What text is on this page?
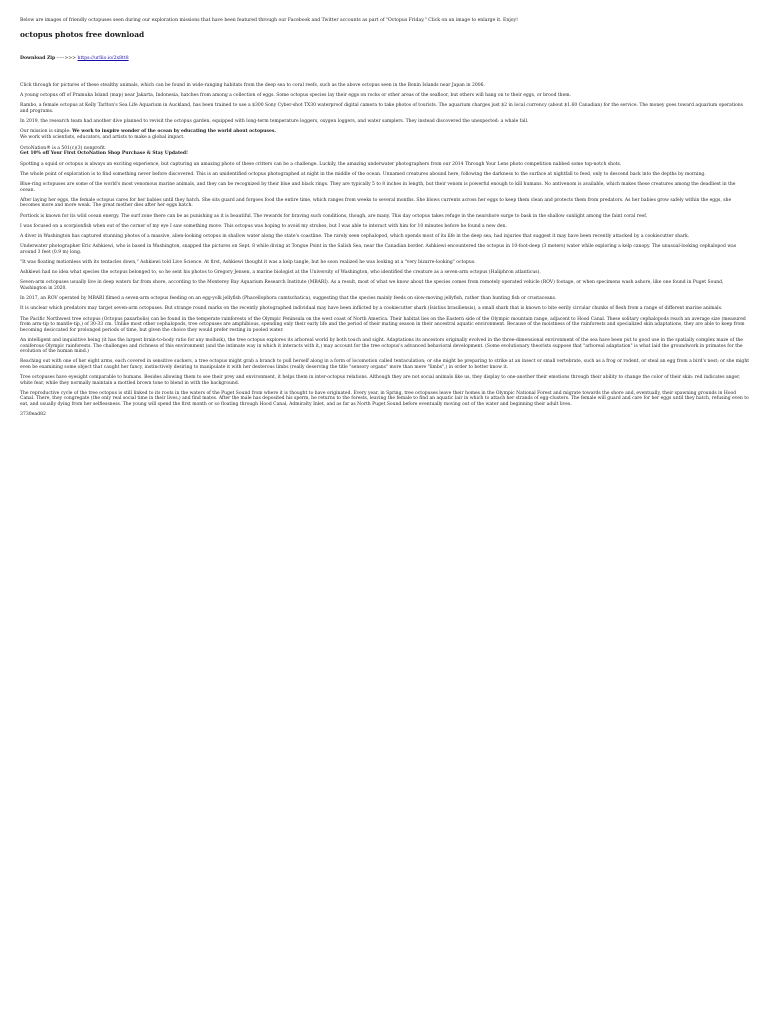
Below are images of friendly octopuses seen during our exploration missions that have been featured through our Facebook and Twitter accounts as part of "Octopus Friday." Click on an image to enlarge it. Enjoy!

octopus photos free download
Download Zip ----->>> https://urllio.io/2x8tt8

Click through for pictures of these stealthy animals, which can be found in wide-ranging habitats from the deep sea to coral reefs, such as the above octopus seen in the Bonin Islands near Japan in 2006.

A young octopus off of Pramuka Island (map) near Jakarta, Indonesia, hatches from among a collection of eggs. Some octopus species lay their eggs on rocks or other areas of the seafloor, but others will hang on to their eggs, or brood them.

Rambo, a female octopus at Kelly Tarlton's Sea Life Aquarium in Auckland, has been trained to use a $300 Sony Cyber-shot TX30 waterproof digital camera to take photos of tourists. The aquarium charges just $2 in local currency (about $1.60 Canadian) for the service. The money goes toward aquarium operations and programs.

In 2019, the research team had another dive planned to revisit the octopus garden, equipped with long-term temperature loggers, oxygen loggers, and water samplers. They instead discovered the unexpected: a whale fall.

Our mission is simple: We work to inspire wonder of the ocean by educating the world about octopuses.
We work with scientists, educators, and artists to make a global impact.
OctoNation® is a 501(c)(3) nonprofit.
Get 10% off Your First OctoNation Shop Purchase & Stay Updated!

Spotting a squid or octopus is always an exciting experience, but capturing an amazing photo of these critters can be a challenge. Luckily, the amazing underwater photographers from our 2014 Through Your Lens photo competition nabbed some top-notch shots.

The whole point of exploration is to find something never before discovered. This is an unidentified octopus photographed at night in the middle of the ocean. Unnamed creatures abound here, following the darkness to the surface at nightfall to feed, only to descend back into the depths by morning.

Blue-ring octopuses are some of the world's most venomous marine animals, and they can be recognized by their blue and black rings. They are typically 5 to 8 inches in length, but their venom is powerful enough to kill humans. No antivenom is available, which makes these creatures among the deadliest in the ocean.

After laying her eggs, the female octopus cares for her babies until they hatch. She sits guard and forgoes food the entire time, which ranges from weeks to several months. She blows currents across her eggs to keep them clean and protects them from predators. As her babies grow safely within the eggs, she becomes more and more weak. The great mother dies after her eggs hatch.

Portlock is known for its wild ocean energy. The surf zone there can be as punishing as it is beautiful. The rewards for braving such conditions, though, are many. This day octopus takes refuge in the nearshore surge to bask in the shallow sunlight among the faint coral reef.

I was focused on a scorpionfish when out of the corner of my eye I saw something move. This octopus was hoping to avoid my strobes, but I was able to interact with him for 10 minutes before he found a new den.

A diver in Washington has captured stunning photos of a massive, alien-looking octopus in shallow water along the state's coastline. The rarely seen cephalopod, which spends most of its life in the deep sea, had injuries that suggest it may have been recently attacked by a cookiecutter shark.

Underwater photographer Eric Ashkiewi, who is based in Washington, snapped the pictures on Sept. 8 while diving at Tongue Point in the Salish Sea, near the Canadian border. Ashkiewi encountered the octopus in 10-foot-deep (3 meters) water while exploring a kelp canopy. The unusual-looking cephalopod was around 3 feet (0.9 m) long.

"It was floating motionless with its tentacles down," Ashkiewi told Live Science. At first, Ashkiewi thought it was a kelp tangle, but he soon realized he was looking at a "very bizarre-looking" octopus.

Ashkiewi had no idea what species the octopus belonged to, so he sent his photos to Gregory Jensen, a marine biologist at the University of Washington, who identified the creature as a seven-arm octopus (Haliphron atlanticus).

Seven-arm octopuses usually live in deep waters far from shore, according to the Monterey Bay Aquarium Research Institute (MBARI). As a result, most of what we know about the species comes from remotely operated vehicle (ROV) footage, or when specimens wash ashore, like one found in Puget Sound, Washington in 2020.

In 2017, an ROV operated by MBARI filmed a seven-arm octopus feeding on an egg-yolk jellyfish (Phacellophora camtschatica), suggesting that the species mainly feeds on slow-moving jellyfish, rather than hunting fish or crustaceans.

It is unclear which predators may target seven-arm octopuses. But strange round marks on the recently photographed individual may have been inflicted by a cookiecutter shark (Isistius brasiliensis), a small shark that is known to bite eerily circular chunks of flesh from a range of different marine animals.

The Pacific Northwest tree octopus (Octopus paxarbolis) can be found in the temperate rainforests of the Olympic Peninsula on the west coast of North America. Their habitat lies on the Eastern side of the Olympic mountain range, adjacent to Hood Canal. These solitary cephalopods reach an average size (measured from arm-tip to mantle-tip,) of 30-33 cm. Unlike most other cephalopods, tree octopuses are amphibious, spending only their early life and the period of their mating season in their ancestral aquatic environment. Because of the moistness of the rainforests and specialized skin adaptations, they are able to keep from becoming desiccated for prolonged periods of time, but given the choice they would prefer resting in pooled water.

An intelligent and inquisitive being (it has the largest brain-to-body ratio for any mollusk), the tree octopus explores its arboreal world by both touch and sight. Adaptations its ancestors originally evolved in the three-dimensional environment of the sea have been put to good use in the spatially complex maze of the coniferous Olympic rainforests. The challenges and richness of this environment (and the intimate way in which it interacts with it,) may account for the tree octopus's advanced behavioral development. (Some evolutionary theorists suppose that "arboreal adaptation" is what laid the groundwork in primates for the evolution of the human mind.)

Reaching out with one of her eight arms, each covered in sensitive suckers, a tree octopus might grab a branch to pull herself along in a form of locomotion called tentaculation; or she might be preparing to strike at an insect or small vertebrate, such as a frog or rodent, or steal an egg from a bird's nest; or she might even be examining some object that caught her fancy, instinctively desiring to manipulate it with her dexterous limbs (really deserving the title "sensory organs" more than mere "limbs",) in order to better know it.

Tree octopuses have eyesight comparable to humans. Besides allowing them to see their prey and environment, it helps them in inter-octopus relations. Although they are not social animals like us, they display to one-another their emotions through their ability to change the color of their skin: red indicates anger, white fear, while they normally maintain a mottled brown tone to blend in with the background.

The reproductive cycle of the tree octopus is still linked to its roots in the waters of the Puget Sound from where it is thought to have originated. Every year, in Spring, tree octopuses leave their homes in the Olympic National Forest and migrate towards the shore and, eventually, their spawning grounds in Hood Canal. There, they congregate (the only real social time in their lives,) and find mates. After the male has deposited his sperm, he returns to the forests, leaving the female to find an aquatic lair in which to attach her strands of egg-clusters. The female will guard and care for her eggs until they hatch, refusing even to eat, and usually dying from her selflessness. The young will spend the first month or so floating through Hood Canal, Admiralty Inlet, and as far as North Puget Sound before eventually moving out of the water and beginning their adult lives.

3730ead82
